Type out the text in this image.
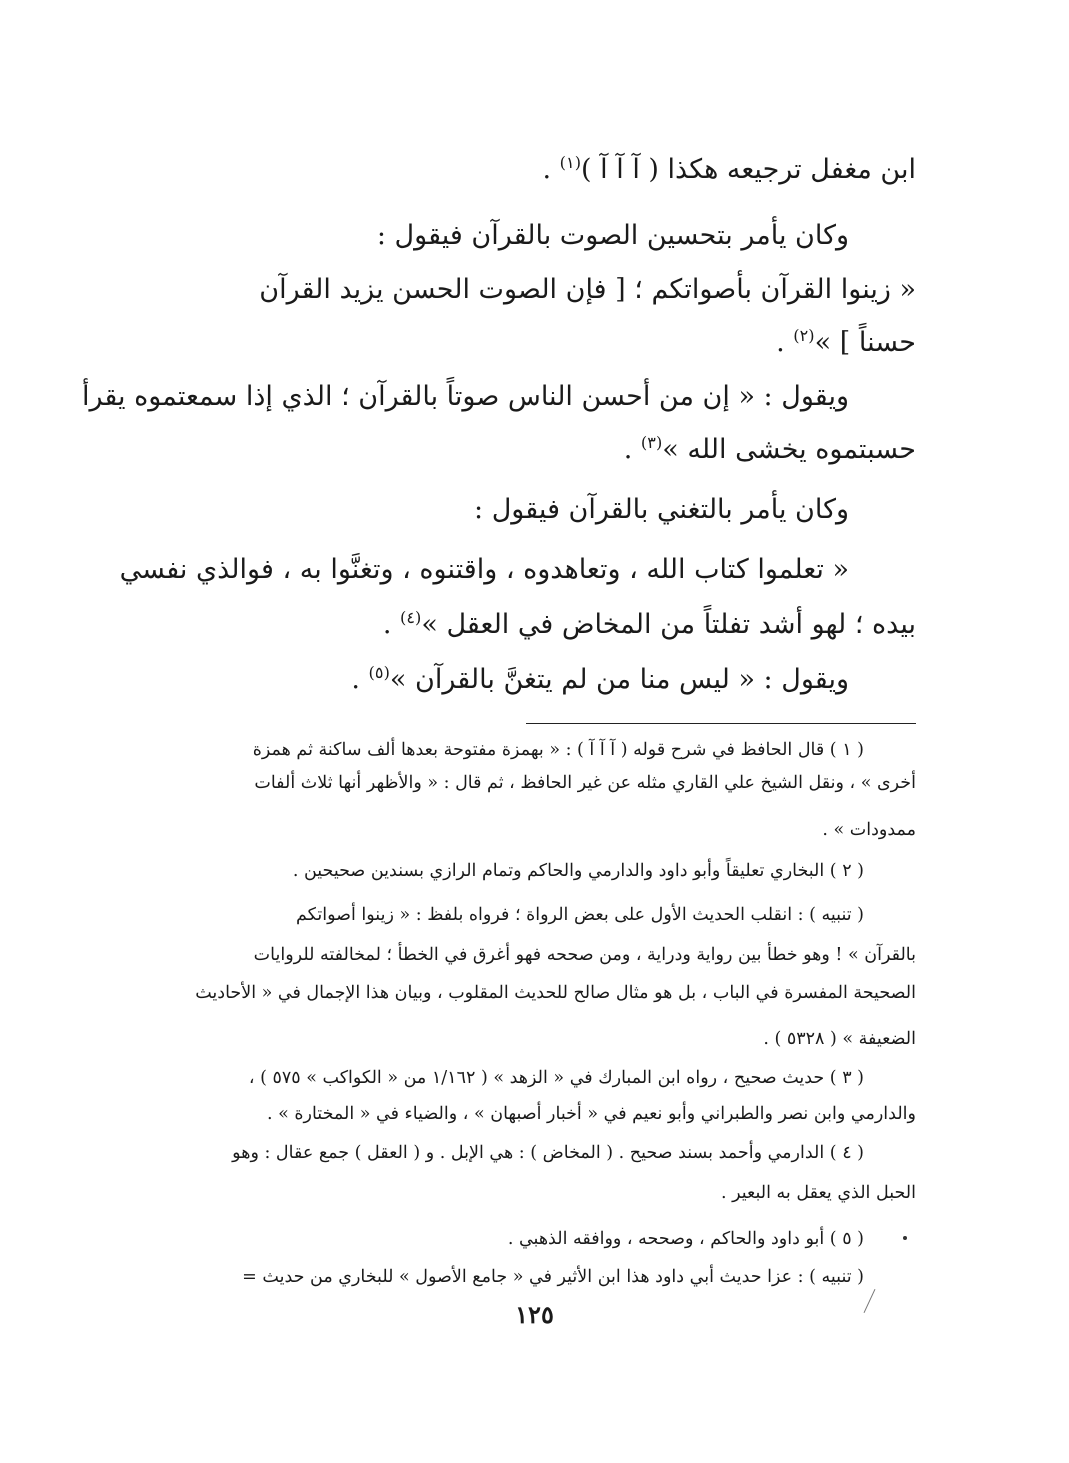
ابن مغفل ترجيعه هكذا ( آ آ آ )$^{(١)}$ .
وكان يأمر بتحسين الصوت بالقرآن فيقول :
« زينوا القرآن بأصواتكم ؛ [ فإن الصوت الحسن يزيد القرآن
حسناً ] »$^{(٢)}$ .
ويقول : « إن من أحسن الناس صوتاً بالقرآن ؛ الذي إذا سمعتموه يقرأ
حسبتموه يخشى الله »$^{(٣)}$ .
وكان يأمر بالتغني بالقرآن فيقول :
« تعلموا كتاب الله ، وتعاهدوه ، واقتنوه ، وتغنَّوا به ، فوالذي نفسي
بيده ؛ لهو أشد تفلتاً من المخاض في العقل »$^{(٤)}$ .
ويقول : « ليس منا من لم يتغنَّ بالقرآن »$^{(٥)}$ .
( ١ ) قال الحافظ في شرح قوله ( آ آ آ ) : « بهمزة مفتوحة بعدها ألف ساكنة ثم همزة
أخرى » ، ونقل الشيخ علي القاري مثله عن غير الحافظ ، ثم قال : « والأظهر أنها ثلاث ألفات
ممدودات » .
( ٢ ) البخاري تعليقاً وأبو داود والدارمي والحاكم وتمام الرازي بسندين صحيحين .
( تنبيه ) : انقلب الحديث الأول على بعض الرواة ؛ فرواه بلفظ : « زينوا أصواتكم
بالقرآن » ! وهو خطأ بين رواية ودراية ، ومن صححه فهو أغرق في الخطأ ؛ لمخالفته للروايات
الصحيحة المفسرة في الباب ، بل هو مثال صالح للحديث المقلوب ، وبيان هذا الإجمال في « الأحاديث
الضعيفة » ( ٥٣٢٨ ) .
( ٣ ) حديث صحيح ، رواه ابن المبارك في « الزهد » ( ١/١٦٢ من « الكواكب » ٥٧٥ ) ،
والدارمي وابن نصر والطبراني وأبو نعيم في « أخبار أصبهان » ، والضياء في « المختارة » .
( ٤ ) الدارمي وأحمد بسند صحيح . ( المخاض ) : هي الإبل . و ( العقل ) جمع عقال : وهو
الحبل الذي يعقل به البعير .
( ٥ ) أبو داود والحاكم ، وصححه ، ووافقه الذهبي .
( تنبيه ) : عزا حديث أبي داود هذا ابن الأثير في « جامع الأصول » للبخاري من حديث =
١٢٥
